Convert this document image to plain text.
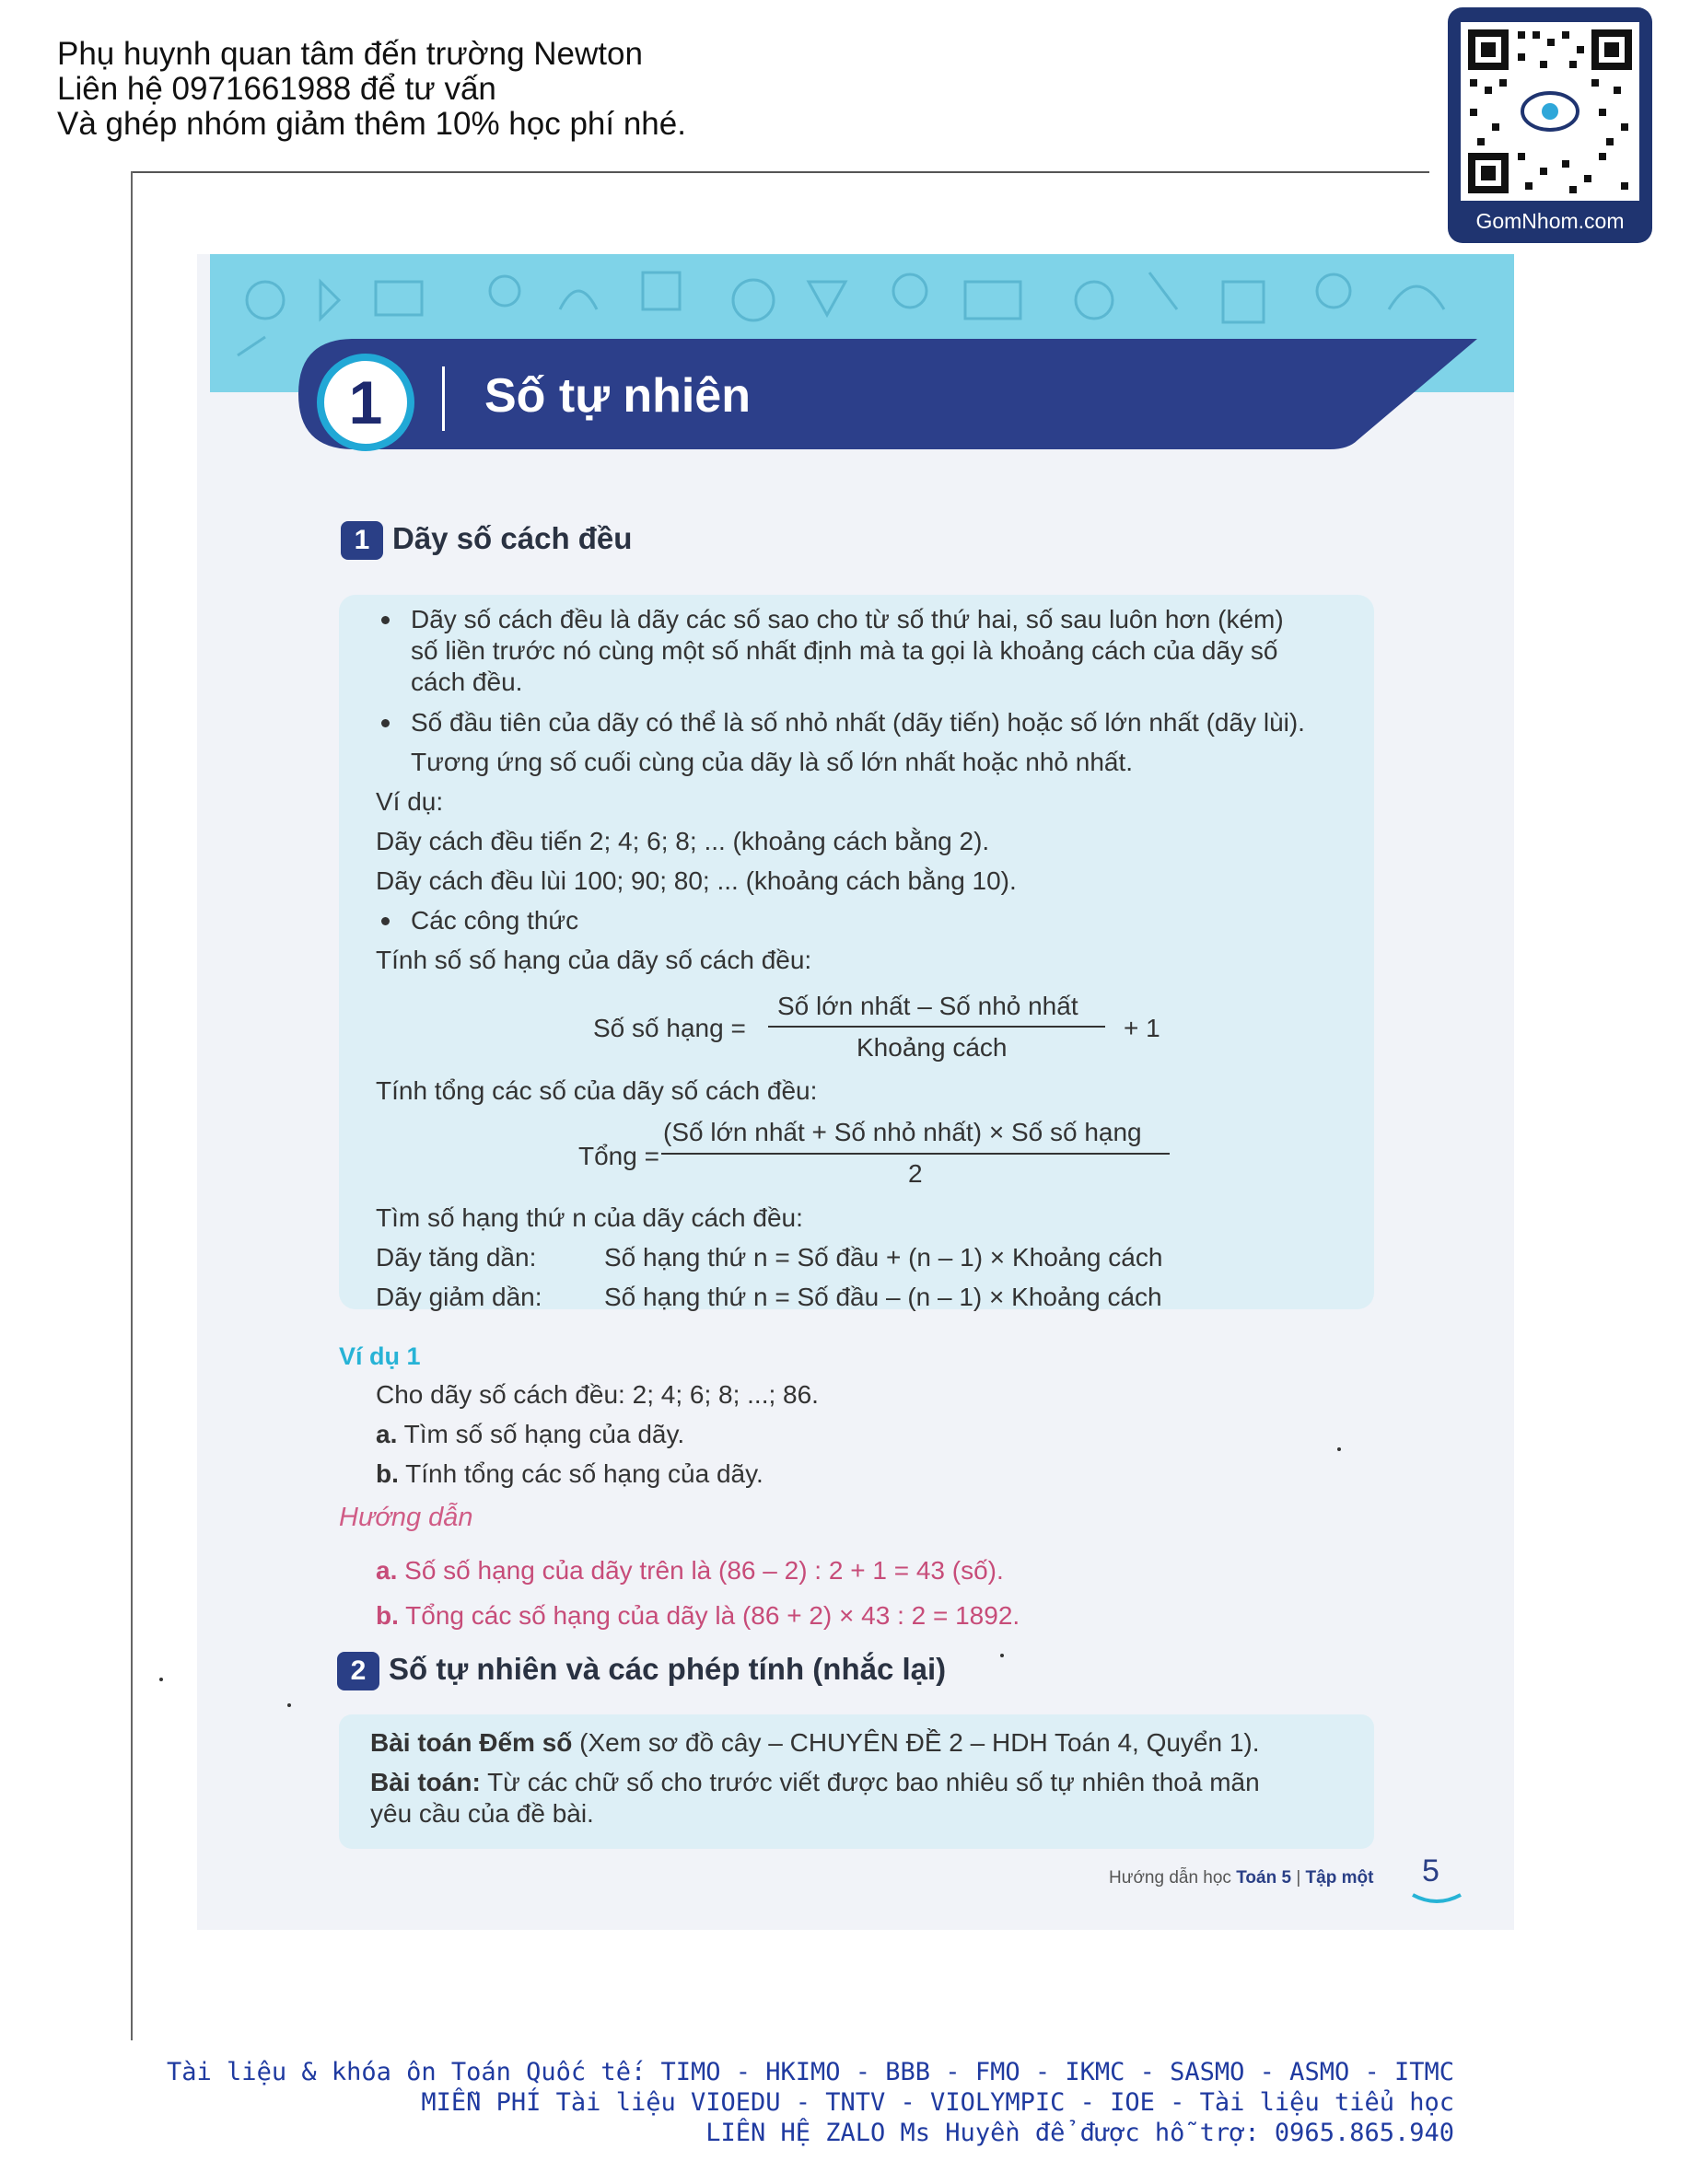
Phụ huynh quan tâm đến trường Newton
Liên hệ 0971661988 để tư vấn
Và ghép nhóm giảm thêm 10% học phí nhé.
GomNhom.com
1	Số tự nhiên
1 Dãy số cách đều
Dãy số cách đều là dãy các số sao cho từ số thứ hai, số sau luôn hơn (kém)
số liền trước nó cùng một số nhất định mà ta gọi là khoảng cách của dãy số
cách đều.
Số đầu tiên của dãy có thể là số nhỏ nhất (dãy tiến) hoặc số lớn nhất (dãy lùi).
Tương ứng số cuối cùng của dãy là số lớn nhất hoặc nhỏ nhất.
Ví dụ:
Dãy cách đều tiến 2; 4; 6; 8; ... (khoảng cách bằng 2).
Dãy cách đều lùi 100; 90; 80; ... (khoảng cách bằng 10).
Các công thức
Tính số số hạng của dãy số cách đều:
Số số hạng =
Số lớn nhất – Số nhỏ nhất
Khoảng cách
+ 1
Tính tổng các số của dãy số cách đều:
Tổng =
(Số lớn nhất + Số nhỏ nhất) × Số số hạng
2
Tìm số hạng thứ n của dãy cách đều:
Dãy tăng dần:	Số hạng thứ n = Số đầu + (n – 1) × Khoảng cách
Dãy giảm dần: Số hạng thứ n = Số đầu – (n – 1) × Khoảng cách
Ví dụ 1
Cho dãy số cách đều: 2; 4; 6; 8; ...; 86.
a. Tìm số số hạng của dãy.
b. Tính tổng các số hạng của dãy.
Hướng dẫn
a. Số số hạng của dãy trên là (86 – 2) : 2 + 1 = 43 (số).
b. Tổng các số hạng của dãy là (86 + 2) × 43 : 2 = 1892.
2 Số tự nhiên và các phép tính (nhắc lại)
Bài toán Đếm số (Xem sơ đồ cây – CHUYÊN ĐỀ 2 – HDH Toán 4, Quyển 1).
Bài toán: Từ các chữ số cho trước viết được bao nhiêu số tự nhiên thoả mãn
yêu cầu của đề bài.
Hướng dẫn học Toán 5 | Tập một 5
Tài liệu & khóa ôn Toán Quốc tế: TIMO - HKIMO - BBB - FMO - IKMC - SASMO - ASMO - ITMC
MIỄN PHÍ Tài liệu VIOEDU - TNTV - VIOLYMPIC - IOE - Tài liệu tiểu học
LIÊN HỆ ZALO Ms Huyền để được hỗ trợ: 0965.865.940
